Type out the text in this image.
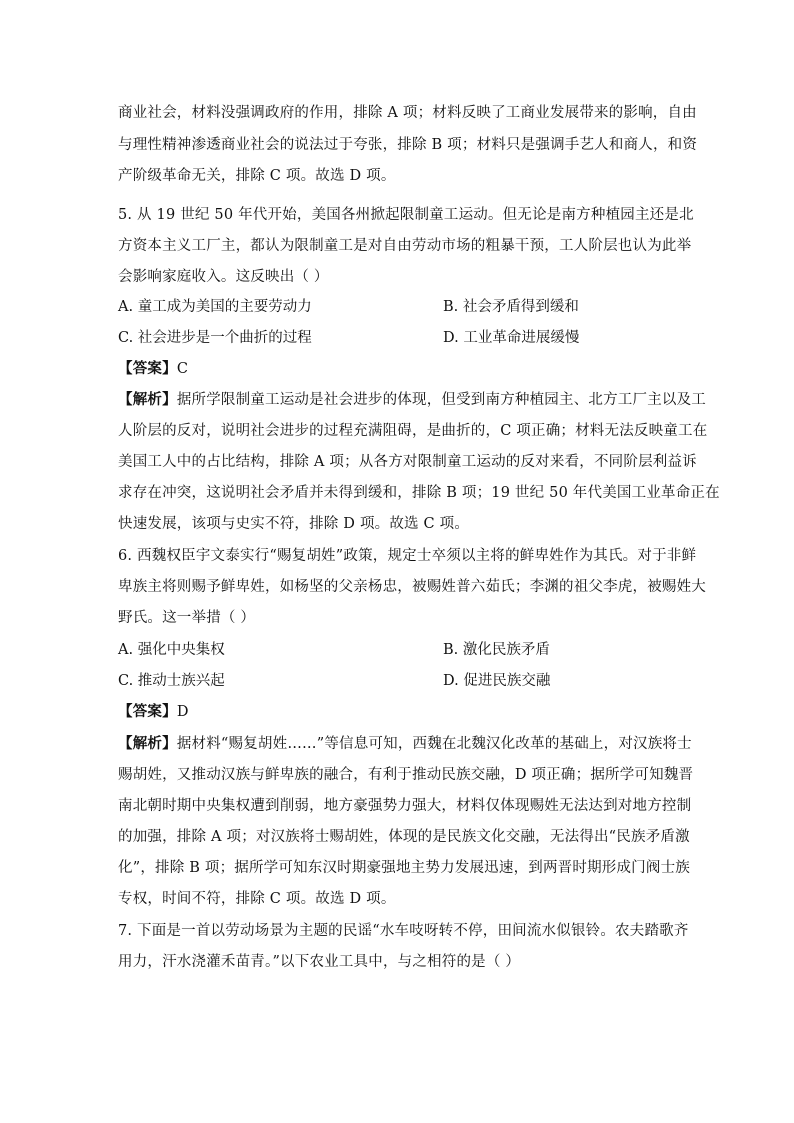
商业社会，材料没强调政府的作用，排除 A 项；材料反映了工商业发展带来的影响，自由
与理性精神渗透商业社会的说法过于夸张，排除 B 项；材料只是强调手艺人和商人，和资
产阶级革命无关，排除 C 项。故选 D 项。
5. 从 19 世纪 50 年代开始，美国各州掀起限制童工运动。但无论是南方种植园主还是北
方资本主义工厂主，都认为限制童工是对自由劳动市场的粗暴干预，工人阶层也认为此举
会影响家庭收入。这反映出（ ）
A. 童工成为美国的主要劳动力	B. 社会矛盾得到缓和
C. 社会进步是一个曲折的过程	D. 工业革命进展缓慢
【答案】C
【解析】据所学限制童工运动是社会进步的体现，但受到南方种植园主、北方工厂主以及工
人阶层的反对，说明社会进步的过程充满阻碍，是曲折的，C 项正确；材料无法反映童工在
美国工人中的占比结构，排除 A 项；从各方对限制童工运动的反对来看，不同阶层利益诉
求存在冲突，这说明社会矛盾并未得到缓和，排除 B 项；19 世纪 50 年代美国工业革命正在
快速发展，该项与史实不符，排除 D 项。故选 C 项。
6. 西魏权臣宇文泰实行“赐复胡姓”政策，规定士卒须以主将的鲜卑姓作为其氏。对于非鲜
卑族主将则赐予鲜卑姓，如杨坚的父亲杨忠，被赐姓普六茹氏；李渊的祖父李虎，被赐姓大
野氏。这一举措（ ）
A. 强化中央集权	B. 激化民族矛盾
C. 推动士族兴起	D. 促进民族交融
【答案】D
【解析】据材料“赐复胡姓……”等信息可知，西魏在北魏汉化改革的基础上，对汉族将士
赐胡姓，又推动汉族与鲜卑族的融合，有利于推动民族交融，D 项正确；据所学可知魏晋
南北朝时期中央集权遭到削弱，地方豪强势力强大，材料仅体现赐姓无法达到对地方控制
的加强，排除 A 项；对汉族将士赐胡姓，体现的是民族文化交融，无法得出“民族矛盾激
化”，排除 B 项；据所学可知东汉时期豪强地主势力发展迅速，到两晋时期形成门阀士族
专权，时间不符，排除 C 项。故选 D 项。
7. 下面是一首以劳动场景为主题的民谣“水车吱呀转不停，田间流水似银铃。农夫踏歌齐
用力，汗水浇灌禾苗青。”以下农业工具中，与之相符的是（ ）
